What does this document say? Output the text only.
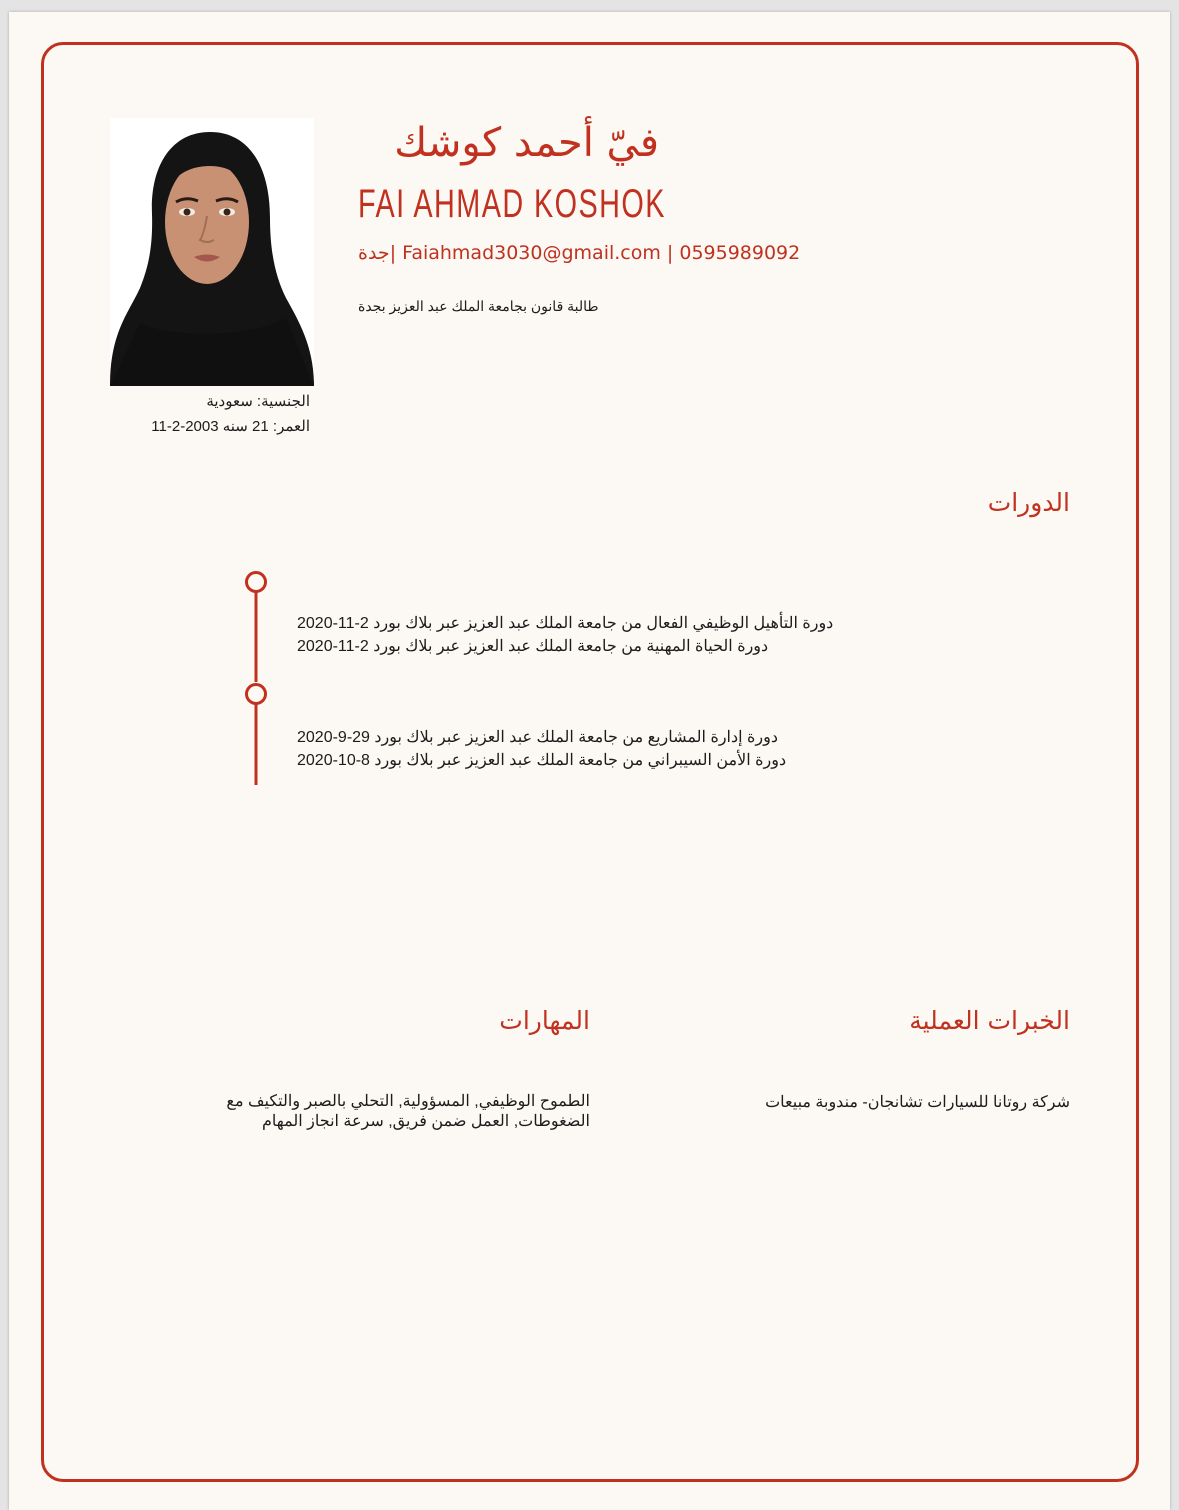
الجنسية: سعودية
العمر: 21 سنه 2003-2-11
فيّ أحمد كوشك
FAI AHMAD KOSHOK
جدة| Faiahmad3030@gmail.com | 0595989092
طالبة قانون بجامعة الملك عبد العزيز بجدة
الدورات
دورة التأهيل الوظيفي الفعال من جامعة الملك عبد العزيز عبر بلاك بورد 2-11-2020
دورة الحياة المهنية من جامعة الملك عبد العزيز عبر بلاك بورد 2-11-2020
دورة إدارة المشاريع من جامعة الملك عبد العزيز عبر بلاك بورد 29-9-2020
دورة الأمن السيبراني من جامعة الملك عبد العزيز عبر بلاك بورد 8-10-2020
الخبرات العملية
شركة روتانا للسيارات تشانجان- مندوبة مبيعات
المهارات
الطموح الوظيفي, المسؤولية, التحلي بالصبر والتكيف مع الضغوطات, العمل ضمن فريق, سرعة انجاز المهام
